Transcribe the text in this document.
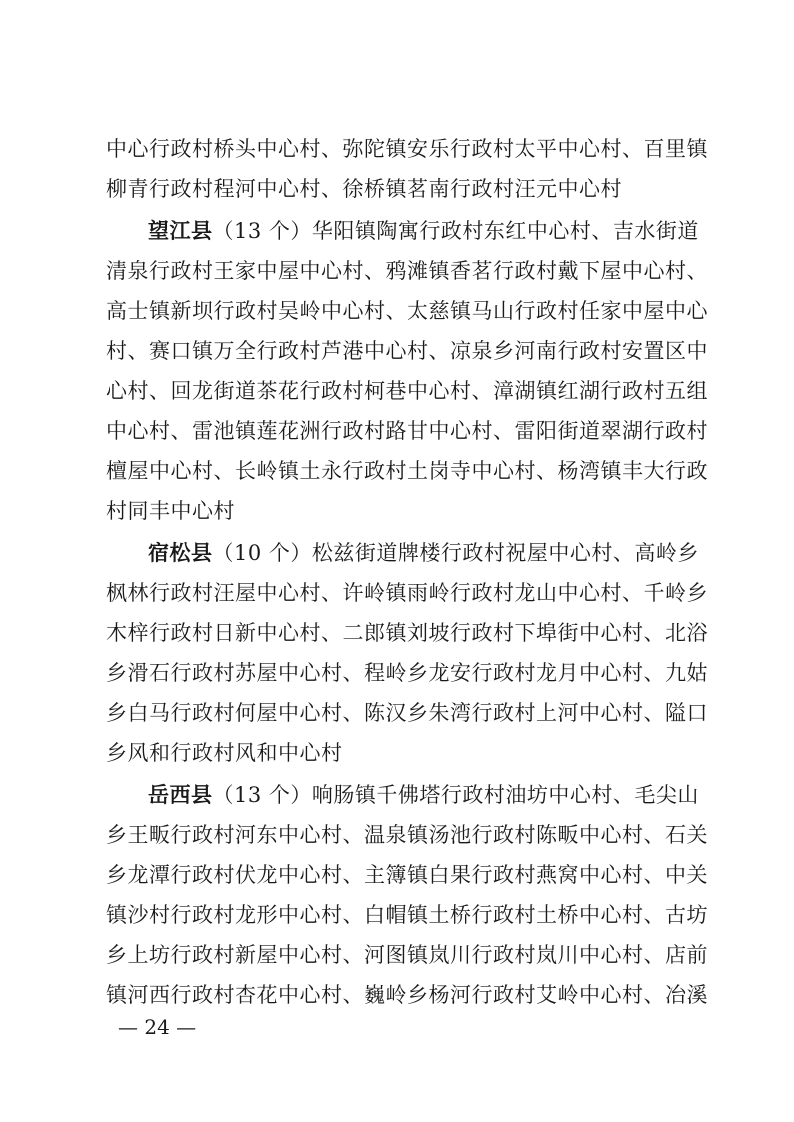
中心行政村桥头中心村、弥陀镇安乐行政村太平中心村、百里镇
柳青行政村程河中心村、徐桥镇茗南行政村汪元中心村
望江县（13 个）华阳镇陶寓行政村东红中心村、吉水街道
清泉行政村王家中屋中心村、鸦滩镇香茗行政村戴下屋中心村、
高士镇新坝行政村吴岭中心村、太慈镇马山行政村任家中屋中心
村、赛口镇万全行政村芦港中心村、凉泉乡河南行政村安置区中
心村、回龙街道茶花行政村柯巷中心村、漳湖镇红湖行政村五组
中心村、雷池镇莲花洲行政村路甘中心村、雷阳街道翠湖行政村
檀屋中心村、长岭镇土永行政村土岗寺中心村、杨湾镇丰大行政
村同丰中心村
宿松县（10 个）松兹街道牌楼行政村祝屋中心村、高岭乡
枫林行政村汪屋中心村、许岭镇雨岭行政村龙山中心村、千岭乡
木梓行政村日新中心村、二郎镇刘坡行政村下埠街中心村、北浴
乡滑石行政村苏屋中心村、程岭乡龙安行政村龙月中心村、九姑
乡白马行政村何屋中心村、陈汉乡朱湾行政村上河中心村、隘口
乡风和行政村风和中心村
岳西县（13 个）响肠镇千佛塔行政村油坊中心村、毛尖山
乡王畈行政村河东中心村、温泉镇汤池行政村陈畈中心村、石关
乡龙潭行政村伏龙中心村、主簿镇白果行政村燕窝中心村、中关
镇沙村行政村龙形中心村、白帽镇土桥行政村土桥中心村、古坊
乡上坊行政村新屋中心村、河图镇岚川行政村岚川中心村、店前
镇河西行政村杏花中心村、巍岭乡杨河行政村艾岭中心村、冶溪
— 24 —
